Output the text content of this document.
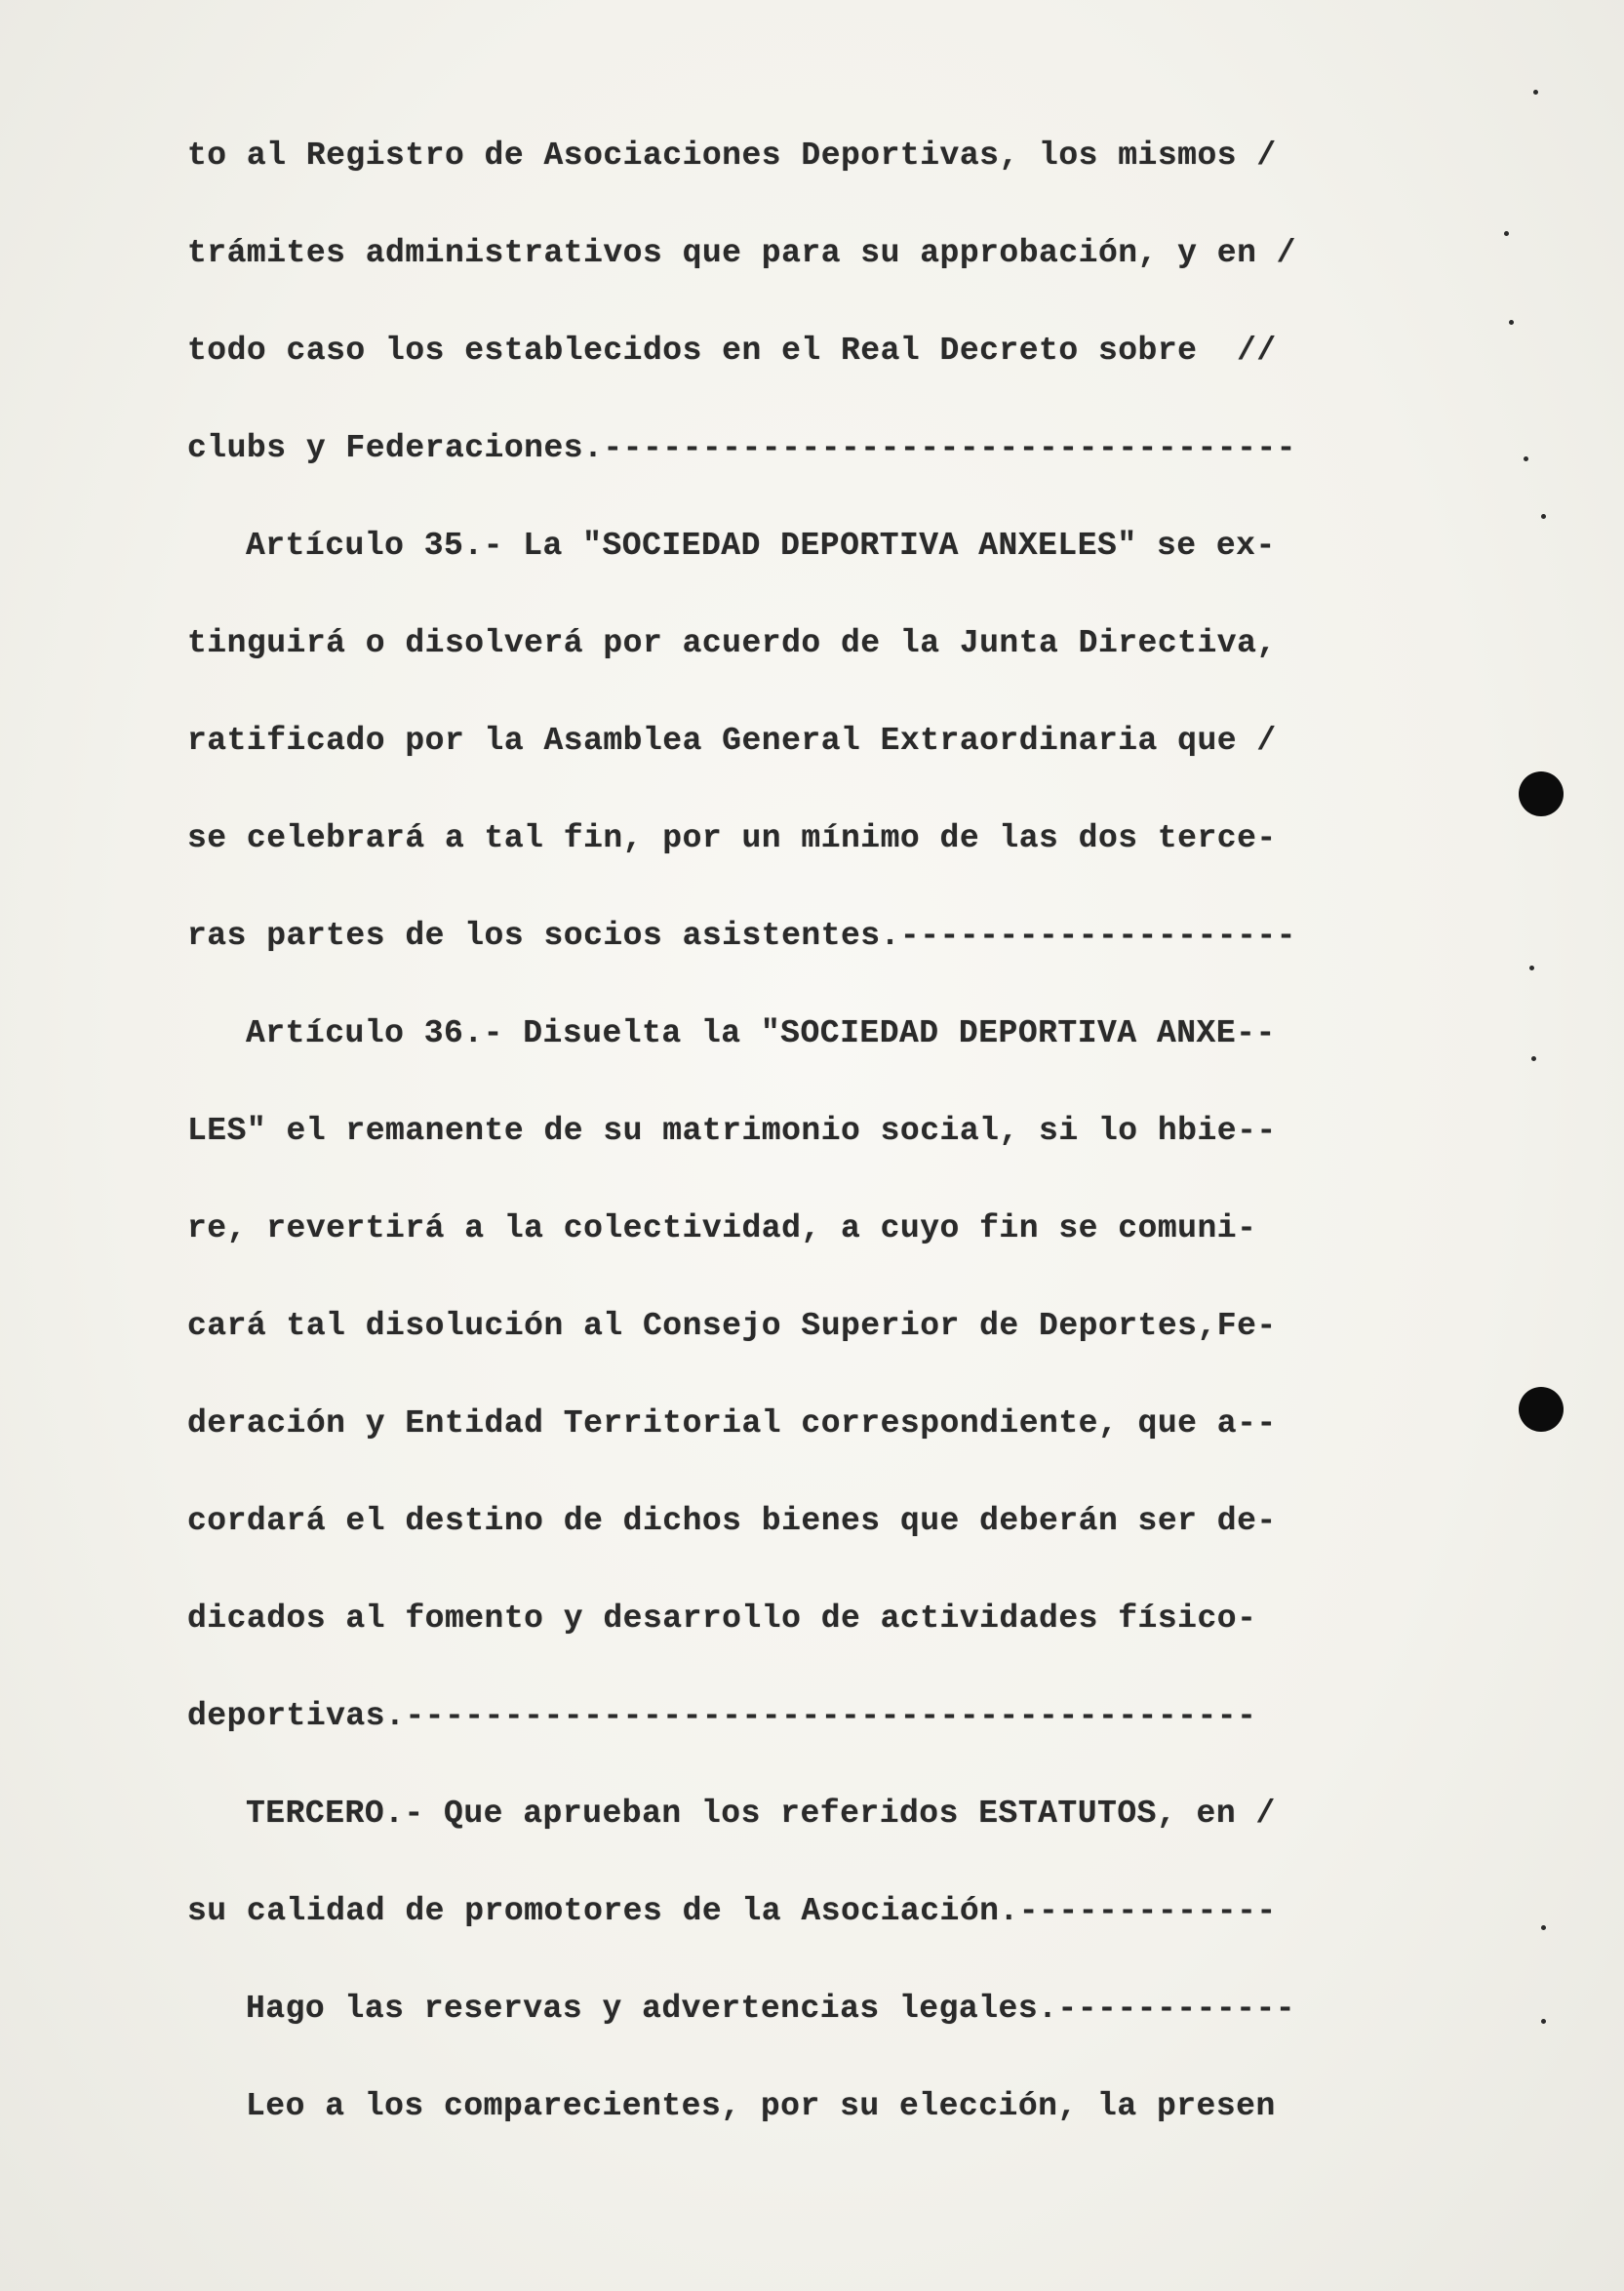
to al Registro de Asociaciones Deportivas, los mismos /
trámites administrativos que para su approbación, y en /
todo caso los establecidos en el Real Decreto sobre  //
clubs y Federaciones.-----------------------------------
Artículo 35.- La "SOCIEDAD DEPORTIVA ANXELES" se ex-
tinguirá o disolverá por acuerdo de la Junta Directiva,
ratificado por la Asamblea General Extraordinaria que /
se celebrará a tal fin, por un mínimo de las dos terce-
ras partes de los socios asistentes.--------------------
Artículo 36.- Disuelta la "SOCIEDAD DEPORTIVA ANXE--
LES" el remanente de su matrimonio social, si lo hbie--
re, revertirá a la colectividad, a cuyo fin se comuni-
cará tal disolución al Consejo Superior de Deportes,Fe-
deración y Entidad Territorial correspondiente, que a--
cordará el destino de dichos bienes que deberán ser de-
dicados al fomento y desarrollo de actividades físico-
deportivas.-------------------------------------------
TERCERO.- Que aprueban los referidos ESTATUTOS, en /
su calidad de promotores de la Asociación.-------------
Hago las reservas y advertencias legales.------------
Leo a los comparecientes, por su elección, la presen
